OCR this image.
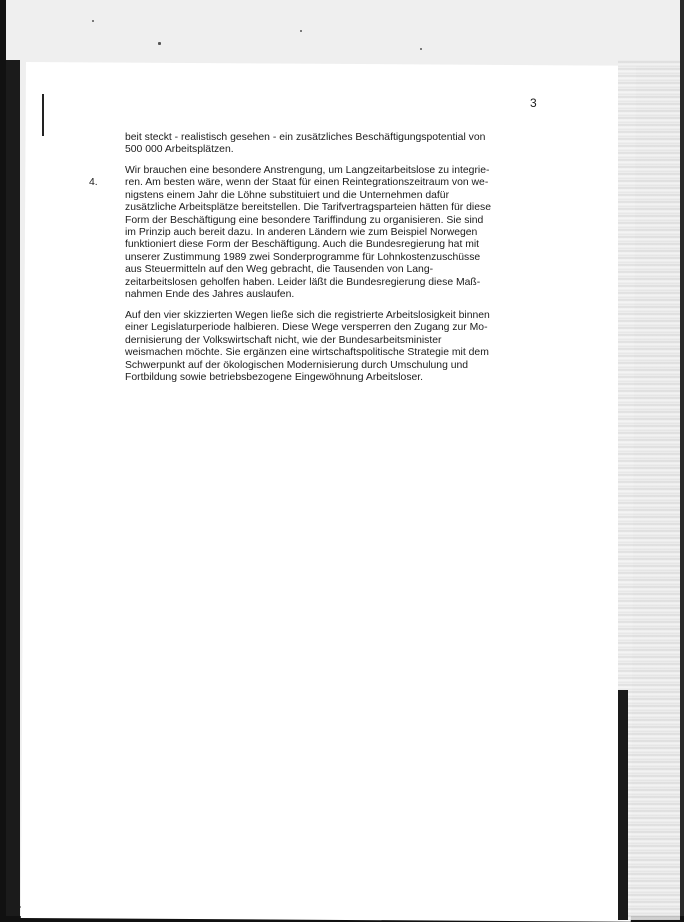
3
beit steckt - realistisch gesehen - ein zusätzliches Beschäftigungspotential von
500 000 Arbeitsplätzen.
4.
Wir brauchen eine besondere Anstrengung, um Langzeitarbeitslose zu integrie-
ren. Am besten wäre, wenn der Staat für einen Reintegrationszeitraum von we-
nigstens einem Jahr die Löhne substituiert und die Unternehmen dafür
zusätzliche Arbeitsplätze bereitstellen. Die Tarifvertragsparteien hätten für diese
Form der Beschäftigung eine besondere Tariffindung zu organisieren. Sie sind
im Prinzip auch bereit dazu. In anderen Ländern wie zum Beispiel Norwegen
funktioniert diese Form der Beschäftigung. Auch die Bundesregierung hat mit
unserer Zustimmung 1989 zwei Sonderprogramme für Lohnkostenzuschüsse
aus Steuermitteln auf den Weg gebracht, die Tausenden von Lang-
zeitarbeitslosen geholfen haben. Leider läßt die Bundesregierung diese Maß-
nahmen Ende des Jahres auslaufen.
Auf den vier skizzierten Wegen ließe sich die registrierte Arbeitslosigkeit binnen
einer Legislaturperiode halbieren. Diese Wege versperren den Zugang zur Mo-
dernisierung der Volkswirtschaft nicht, wie der Bundesarbeitsminister
weismachen möchte. Sie ergänzen eine wirtschaftspolitische Strategie mit dem
Schwerpunkt auf der ökologischen Modernisierung durch Umschulung und
Fortbildung sowie betriebsbezogene Eingewöhnung Arbeitsloser.
